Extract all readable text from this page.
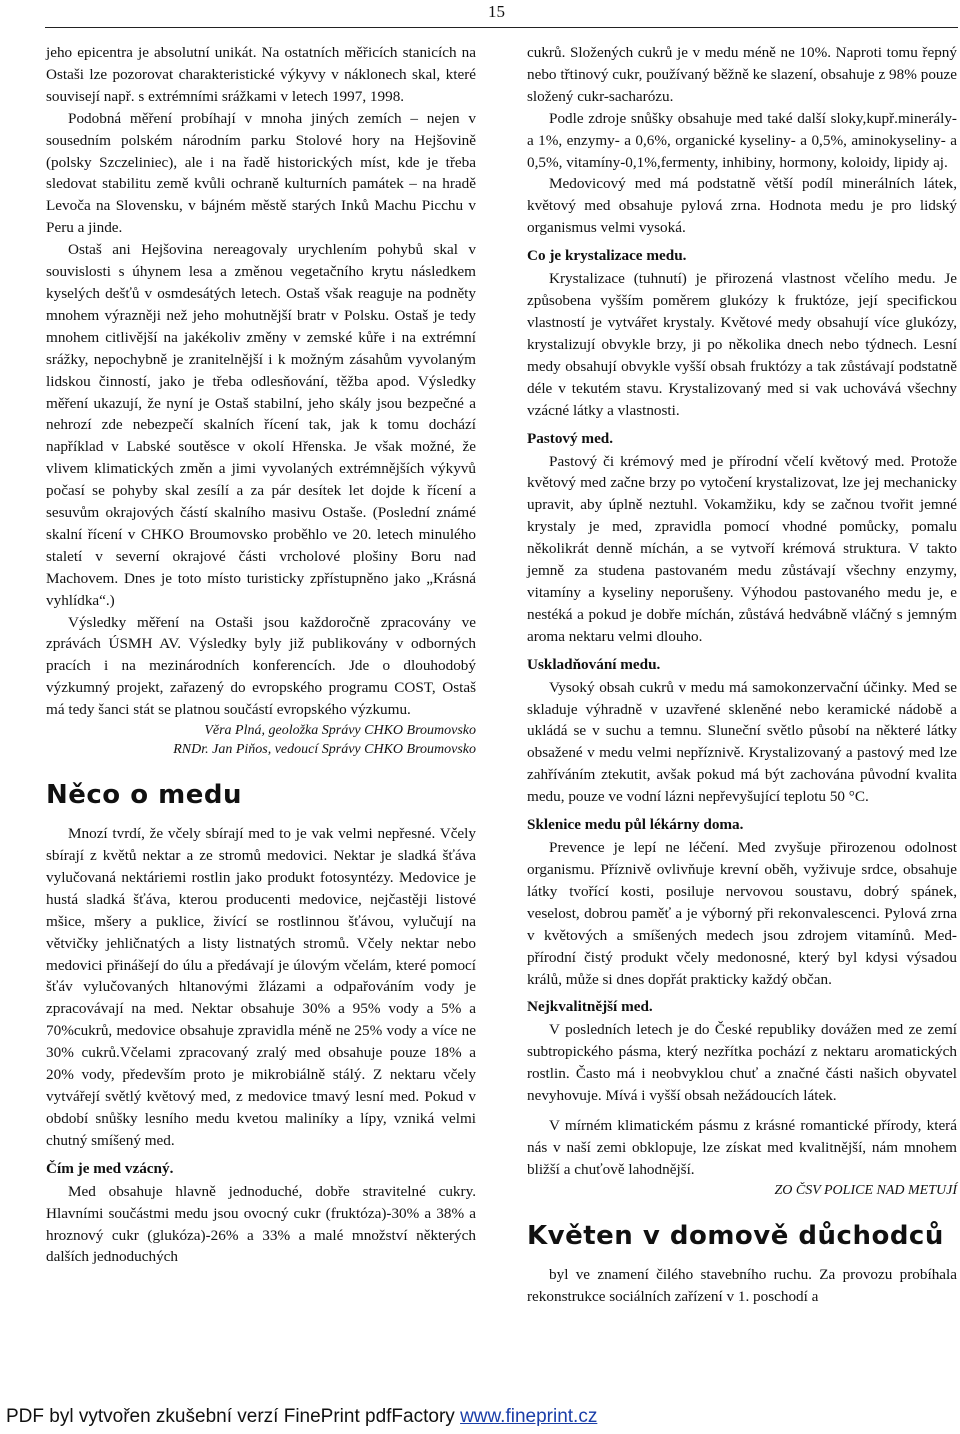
15

jeho epicentra je absolutní unikát. Na ostatních měřicích stanicích na Ostaši lze pozorovat charakteristické výkyvy v náklonech skal, které souvisejí např. s extrémními srážkami v letech 1997, 1998.

Podobná měření probíhají v mnoha jiných zemích – nejen v sousedním polském národním parku Stolové hory na Hejšovině (polsky Szczeliniec), ale i na řadě historických míst, kde je třeba sledovat stabilitu země kvůli ochraně kulturních památek – na hradě Levoča na Slovensku, v bájném městě starých Inků Machu Picchu v Peru a jinde.

Ostaš ani Hejšovina nereagovaly urychlením pohybů skal v souvislosti s úhynem lesa a změnou vegetačního krytu následkem kyselých dešťů v osmdesátých letech. Ostaš však reaguje na podněty mnohem výrazněji než jeho mohutnější bratr v Polsku. Ostaš je tedy mnohem citlivější na jakékoliv změny v zemské kůře i na extrémní srážky, nepochybně je zranitelnější i k možným zásahům vyvolaným lidskou činností, jako je třeba odlesňování, těžba apod. Výsledky měření ukazují, že nyní je Ostaš stabilní, jeho skály jsou bezpečné a nehrozí zde nebezpečí skalních řícení tak, jak k tomu dochází například v Labské soutěsce v okolí Hřenska. Je však možné, že vlivem klimatických změn a jimi vyvolaných extrémnějších výkyvů počasí se pohyby skal zesílí a za pár desítek let dojde k řícení a sesuvům okrajových částí skalního masivu Ostaše. (Poslední známé skalní řícení v CHKO Broumovsko proběhlo ve 20. letech minulého staletí v severní okrajové části vrcholové plošiny Boru nad Machovem. Dnes je toto místo turisticky zpřístupněno jako „Krásná vyhlídka“.)

Výsledky měření na Ostaši jsou každoročně zpracovány ve zprávách ÚSMH AV. Výsledky byly již publikovány v odborných pracích i na mezinárodních konferencích. Jde o dlouhodobý výzkumný projekt, zařazený do evropského programu COST, Ostaš má tedy šanci stát se platnou součástí evropského výzkumu.

Věra Plná, geoložka Správy CHKO Broumovsko
RNDr. Jan Piňos, vedoucí Správy CHKO Broumovsko
Něco o medu

Mnozí tvrdí, že včely sbírají med to je vak velmi nepřesné. Včely sbírají z květů nektar a ze stromů medovici. Nektar je sladká šťáva vylučovaná nektáriemi rostlin jako produkt fotosyntézy. Medovice je hustá sladká šťáva, kterou producenti medovice, nejčastěji listové mšice, mšery a puklice, živící se rostlinnou šťávou, vylučují na větvičky jehličnatých a listy listnatých stromů. Včely nektar nebo medovici přinášejí do úlu a předávají je úlovým včelám, které pomocí šťáv vylučovaných hltanovými žlázami a odpařováním vody je zpracovávají na med. Nektar obsahuje 30% a 95% vody a 5% a 70%cukrů, medovice obsahuje zpravidla méně ne 25% vody a více ne 30% cukrů.Včelami zpracovaný zralý med obsahuje pouze 18% a 20% vody, především proto je mikrobiálně stálý. Z nektaru včely vytvářejí světlý květový med, z medovice tmavý lesní med. Pokud v období snůšky lesního medu kvetou maliníky a lípy, vzniká velmi chutný smíšený med.

Čím je med vzácný.

Med obsahuje hlavně jednoduché, dobře stravitelné cukry. Hlavními součástmi medu jsou ovocný cukr (fruktóza)-30% a 38% a hroznový cukr (glukóza)-26% a 33% a malé množství některých dalších jednoduchých

cukrů. Složených cukrů je v medu méně ne 10%. Naproti tomu řepný nebo třtinový cukr, používaný běžně ke slazení, obsahuje z 98% pouze složený cukr-sacharózu.

Podle zdroje snůšky obsahuje med také další sloky,kupř.minerály-a 1%, enzymy- a 0,6%, organické kyseliny- a 0,5%, aminokyseliny- a 0,5%, vitamíny-0,1%,fermenty, inhibiny, hormony, koloidy, lipidy aj.

Medovicový med má podstatně větší podíl minerálních látek, květový med obsahuje pylová zrna. Hodnota medu je pro lidský organismus velmi vysoká.

Co je krystalizace medu.

Krystalizace (tuhnutí) je přirozená vlastnost včelího medu. Je způsobena vyšším poměrem glukózy k fruktóze, její specifickou vlastností je vytvářet krystaly. Květové medy obsahují více glukózy, krystalizují obvykle brzy, ji po několika dnech nebo týdnech. Lesní medy obsahují obvykle vyšší obsah fruktózy a tak zůstávají podstatně déle v tekutém stavu. Krystalizovaný med si vak uchovává všechny vzácné látky a vlastnosti.

Pastový med.

Pastový či krémový med je přírodní včelí květový med. Protože květový med začne brzy po vytočení krystalizovat, lze jej mechanicky upravit, aby úplně neztuhl. Vokamžiku, kdy se začnou tvořit jemné krystaly je med, zpravidla pomocí vhodné pomůcky, pomalu několikrát denně míchán, a se vytvoří krémová struktura. V takto jemně za studena pastovaném medu zůstávají všechny enzymy, vitamíny a kyseliny neporušeny. Výhodou pastovaného medu je, e nestéká a pokud je dobře míchán, zůstává hedvábně vláčný s jemným aroma nektaru velmi dlouho.

Uskladňování medu.

Vysoký obsah cukrů v medu má samokonzervační účinky. Med se skladuje výhradně v uzavřené skleněné nebo keramické nádobě a ukládá se v suchu a temnu. Sluneční světlo působí na některé látky obsažené v medu velmi nepříznivě. Krystalizovaný a pastový med lze zahříváním ztekutit, avšak pokud má být zachována původní kvalita medu, pouze ve vodní lázni nepřevyšující teplotu 50 °C.

Sklenice medu půl lékárny doma.

Prevence je lepí ne léčení. Med zvyšuje přirozenou odolnost organismu. Příznivě ovlivňuje krevní oběh, vyživuje srdce, obsahuje látky tvořící kosti, posiluje nervovou soustavu, dobrý spánek, veselost, dobrou paměť a je výborný při rekonvalescenci. Pylová zrna v květových a smíšených medech jsou zdrojem vitamínů. Med- přírodní čistý produkt včely medonosné, který byl kdysi výsadou králů, může si dnes dopřát prakticky každý občan.

Nejkvalitnější med.

V posledních letech je do České republiky dovážen med ze zemí subtropického pásma, který nezřítka pochází z nektaru aromatických rostlin. Často má i neobvyklou chuť a značné části našich obyvatel nevyhovuje. Mívá i vyšší obsah nežádoucích látek.

V mírném klimatickém pásmu z krásné romantické přírody, která nás v naší zemi obklopuje, lze získat med kvalitnější, nám mnohem bližší a chuťově lahodnější.

ZO ČSV POLICE NAD METUJÍ
Květen v domově důchodců

byl ve znamení čilého stavebního ruchu. Za provozu probíhala rekonstrukce sociálních zařízení v 1. poschodí a

PDF byl vytvořen zkušební verzí FinePrint pdfFactory www.fineprint.cz
